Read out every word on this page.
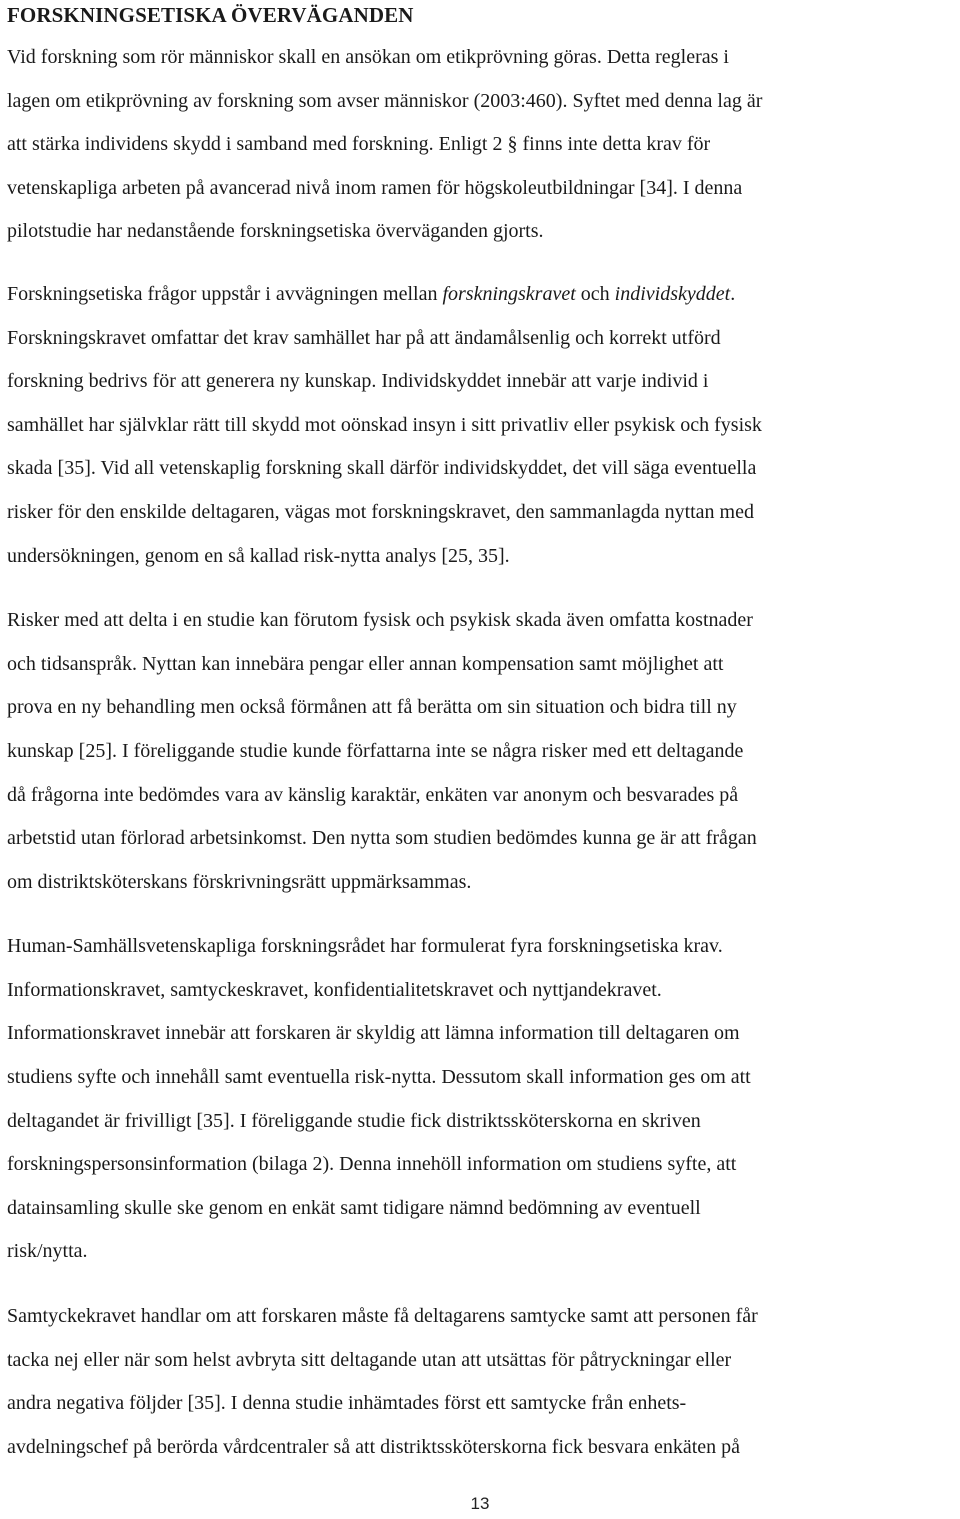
FORSKNINGSETISKA ÖVERVÄGANDEN

Vid forskning som rör människor skall en ansökan om etikprövning göras. Detta regleras i
lagen om etikprövning av forskning som avser människor (2003:460). Syftet med denna lag är
att stärka individens skydd i samband med forskning. Enligt 2 § finns inte detta krav för
vetenskapliga arbeten på avancerad nivå inom ramen för högskoleutbildningar [34]. I denna
pilotstudie har nedanstående forskningsetiska överväganden gjorts.

Forskningsetiska frågor uppstår i avvägningen mellan forskningskravet och individskyddet.
Forskningskravet omfattar det krav samhället har på att ändamålsenlig och korrekt utförd
forskning bedrivs för att generera ny kunskap. Individskyddet innebär att varje individ i
samhället har självklar rätt till skydd mot oönskad insyn i sitt privatliv eller psykisk och fysisk
skada [35]. Vid all vetenskaplig forskning skall därför individskyddet, det vill säga eventuella
risker för den enskilde deltagaren, vägas mot forskningskravet, den sammanlagda nyttan med
undersökningen, genom en så kallad risk-nytta analys [25, 35].

Risker med att delta i en studie kan förutom fysisk och psykisk skada även omfatta kostnader
och tidsanspråk. Nyttan kan innebära pengar eller annan kompensation samt möjlighet att
prova en ny behandling men också förmånen att få berätta om sin situation och bidra till ny
kunskap [25]. I föreliggande studie kunde författarna inte se några risker med ett deltagande
då frågorna inte bedömdes vara av känslig karaktär, enkäten var anonym och besvarades på
arbetstid utan förlorad arbetsinkomst. Den nytta som studien bedömdes kunna ge är att frågan
om distriktsköterskans förskrivningsrätt uppmärksammas.

Human-Samhällsvetenskapliga forskningsrådet har formulerat fyra forskningsetiska krav.
Informationskravet, samtyckeskravet, konfidentialitetskravet och nyttjandekravet.
Informationskravet innebär att forskaren är skyldig att lämna information till deltagaren om
studiens syfte och innehåll samt eventuella risk-nytta. Dessutom skall information ges om att
deltagandet är frivilligt [35]. I föreliggande studie fick distriktssköterskorna en skriven
forskningspersonsinformation (bilaga 2). Denna innehöll information om studiens syfte, att
datainsamling skulle ske genom en enkät samt tidigare nämnd bedömning av eventuell
risk/nytta.

Samtyckekravet handlar om att forskaren måste få deltagarens samtycke samt att personen får
tacka nej eller när som helst avbryta sitt deltagande utan att utsättas för påtryckningar eller
andra negativa följder [35]. I denna studie inhämtades först ett samtycke från enhets-
avdelningschef på berörda vårdcentraler så att distriktssköterskorna fick besvara enkäten på

13
